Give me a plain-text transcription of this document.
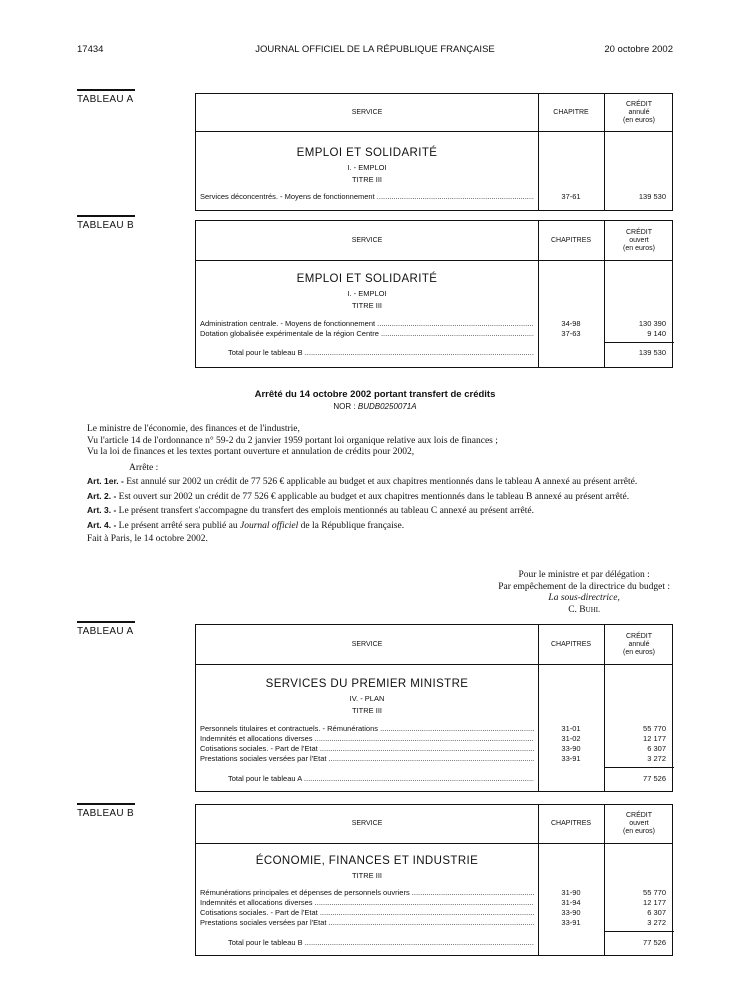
17434	JOURNAL OFFICIEL DE LA RÉPUBLIQUE FRANÇAISE	20 octobre 2002
TABLEAU A
SERVICE	CHAPITRE
CRÉDIT
annulé
(en euros)
EMPLOI ET SOLIDARITÉ
I. - EMPLOI
TITRE III
Services déconcentrés. - Moyens de fonctionnement .....	37-61	139 530
TABLEAU B
SERVICE	CHAPITRES
CRÉDIT
ouvert
(en euros)
EMPLOI ET SOLIDARITÉ
I. - EMPLOI
TITRE III
Administration centrale. - Moyens de fonctionnement .....	34-98	130 390
Dotation globalisée expérimentale de la région Centre .....	37-63	9 140
Total pour le tableau B .....	139 530
Arrêté du 14 octobre 2002 portant transfert de crédits
NOR : BUDB0250071A

Le ministre de l'économie, des finances et de l'industrie,

Vu l'article 14 de l'ordonnance n° 59-2 du 2 janvier 1959 portant loi organique relative aux lois de finances ;

Vu la loi de finances et les textes portant ouverture et annulation de crédits pour 2002,

Arrête :

Art. 1er. - Est annulé sur 2002 un crédit de 77 526 € applicable au budget et aux chapitres mentionnés dans le tableau A annexé au présent arrêté.

Art. 2. - Est ouvert sur 2002 un crédit de 77 526 € applicable au budget et aux chapitres mentionnés dans le tableau B annexé au présent arrêté.

Art. 3. - Le présent transfert s'accompagne du transfert des emplois mentionnés au tableau C annexé au présent arrêté.

Art. 4. - Le présent arrêté sera publié au Journal officiel de la République française.

Fait à Paris, le 14 octobre 2002.

Pour le ministre et par délégation :
Par empêchement de la directrice du budget :
La sous-directrice,
C. Buhl
TABLEAU A
SERVICE	CHAPITRES
CRÉDIT
annulé
(en euros)
SERVICES DU PREMIER MINISTRE
IV. - PLAN
TITRE III
Personnels titulaires et contractuels. - Rémunérations .....	31-01	55 770
Indemnités et allocations diverses .....	31-02	12 177
Cotisations sociales. - Part de l'Etat .....	33-90	6 307
Prestations sociales versées par l'Etat .....	33-91	3 272
Total pour le tableau A .....	77 526
TABLEAU B
SERVICE	CHAPITRES
CRÉDIT
ouvert
(en euros)
ÉCONOMIE, FINANCES ET INDUSTRIE
TITRE III
Rémunérations principales et dépenses de personnels ouvriers .....	31-90	55 770
Indemnités et allocations diverses .....	31-94	12 177
Cotisations sociales. - Part de l'Etat .....	33-90	6 307
Prestations sociales versées par l'Etat .....	33-91	3 272
Total pour le tableau B .....	77 526
